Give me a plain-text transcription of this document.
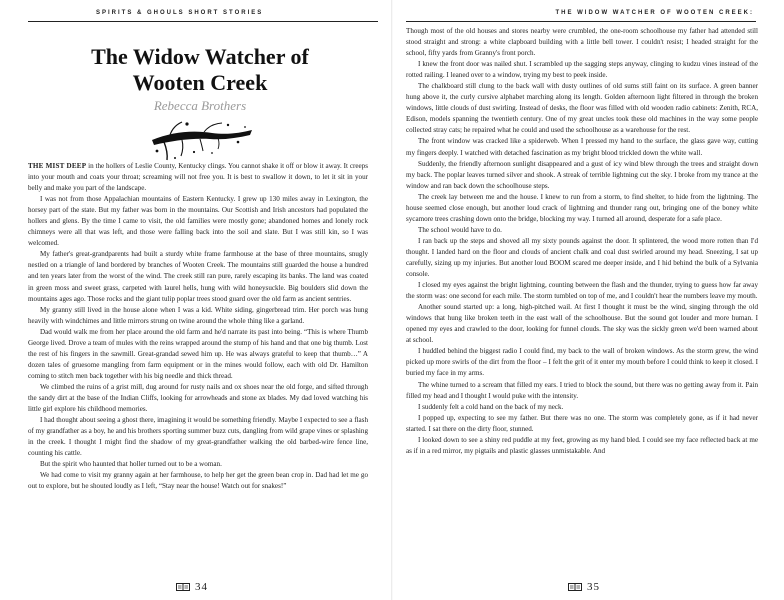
SPIRITS & GHOULS SHORT STORIES
The Widow Watcher of
Wooten Creek
Rebecca Brothers

THE MIST DEEP in the hollers of Leslie County, Kentucky clings. You cannot shake it off or blow it away. It creeps into your mouth and coats your throat; screaming will not free you. It is best to swallow it down, to let it sit in your belly and make you part of the landscape.

I was not from those Appalachian mountains of Eastern Kentucky. I grew up 130 miles away in Lexington, the horsey part of the state. But my father was born in the mountains. Our Scottish and Irish ancestors had populated the hollers and glens. By the time I came to visit, the old families were mostly gone; abandoned homes and lonely rock chimneys were all that was left, and those were falling back into the soil and slate. But I was still kin, so I was welcomed.

My father's great-grandparents had built a sturdy white frame farmhouse at the base of three mountains, snugly nestled on a triangle of land bordered by branches of Wooten Creek. The mountains still guarded the house a hundred and ten years later from the worst of the wind. The creek still ran pure, rarely escaping its banks. The land was coated in green moss and sweet grass, carpeted with laurel hells, hung with wild honeysuckle. Big boulders slid down the mountains ages ago. Those rocks and the giant tulip poplar trees stood guard over the old farm as ancient sentries.

My granny still lived in the house alone when I was a kid. White siding, gingerbread trim. Her porch was hung heavily with windchimes and little mirrors strung on twine around the whole thing like a garland.

Dad would walk me from her place around the old farm and he'd narrate its past into being. “This is where Thumb George lived. Drove a team of mules with the reins wrapped around the stump of his hand and that one big thumb. Lost the rest of his fingers in the sawmill. Great-grandad sewed him up. He was always grateful to keep that thumb…” A dozen tales of gruesome mangling from farm equipment or in the mines would follow, each with old Dr. Hamilton coming to stitch men back together with his big needle and thick thread.

We climbed the ruins of a grist mill, dug around for rusty nails and ox shoes near the old forge, and sifted through the sandy dirt at the base of the Indian Cliffs, looking for arrowheads and stone ax blades. My dad loved watching his little girl explore his childhood memories.

I had thought about seeing a ghost there, imagining it would be something friendly. Maybe I expected to see a flash of my grandfather as a boy, he and his brothers sporting summer buzz cuts, dangling from wild grape vines or splashing in the creek. I thought I might find the shadow of my great-grandfather walking the old barbed-wire fence line, counting his cattle.

But the spirit who haunted that holler turned out to be a woman.

We had come to visit my granny again at her farmhouse, to help her get the green bean crop in. Dad had let me go out to explore, but he shouted loudly as I left, “Stay near the house! Watch out for snakes!”

34
THE WIDOW WATCHER OF WOOTEN CREEK:

Though most of the old houses and stores nearby were crumbled, the one-room schoolhouse my father had attended still stood straight and strong: a white clapboard building with a little bell tower. I couldn't resist; I headed straight for the school, fifty yards from Granny's front porch.

I knew the front door was nailed shut. I scrambled up the sagging steps anyway, clinging to kudzu vines instead of the rotted railing. I leaned over to a window, trying my best to peek inside.

The chalkboard still clung to the back wall with dusty outlines of old sums still faint on its surface. A green banner hung above it, the curly cursive alphabet marching along its length. Golden afternoon light filtered in through the broken windows, little clouds of dust swirling. Instead of desks, the floor was filled with old wooden radio cabinets: Zenith, RCA, Edison, models spanning the twentieth century. One of my great uncles took these old machines in the way some people collected stray cats; he repaired what he could and used the schoolhouse as a warehouse for the rest.

The front window was cracked like a spiderweb. When I pressed my hand to the surface, the glass gave way, cutting my fingers deeply. I watched with detached fascination as my bright blood trickled down the white wall.

Suddenly, the friendly afternoon sunlight disappeared and a gust of icy wind blew through the trees and straight down my back. The poplar leaves turned silver and shook. A streak of terrible lightning cut the sky. I broke from my trance at the window and ran back down the schoolhouse steps.

The creek lay between me and the house. I knew to run from a storm, to find shelter, to hide from the lightning. The house seemed close enough, but another loud crack of lightning and thunder rang out, bringing one of the boney white sycamore trees crashing down onto the bridge, blocking my way. I turned all around, desperate for a safe place.

The school would have to do.

I ran back up the steps and shoved all my sixty pounds against the door. It splintered, the wood more rotten than I'd thought. I landed hard on the floor and clouds of ancient chalk and coal dust swirled around my head. Sneezing, I sat up carefully, sizing up my injuries. But another loud BOOM scared me deeper inside, and I hid behind the bulk of a Sylvania console.

I closed my eyes against the bright lightning, counting between the flash and the thunder, trying to guess how far away the storm was: one second for each mile. The storm tumbled on top of me, and I couldn't hear the numbers leave my mouth.

Another sound started up: a long, high-pitched wail. At first I thought it must be the wind, singing through the old windows that hung like broken teeth in the east wall of the schoolhouse. But the sound got louder and more human. I opened my eyes and crawled to the door, looking for funnel clouds. The sky was the sickly green we'd been warned about at school.

I huddled behind the biggest radio I could find, my back to the wall of broken windows. As the storm grew, the wind picked up more swirls of the dirt from the floor – I felt the grit of it enter my mouth before I could think to keep it closed. I buried my face in my arms.

The whine turned to a scream that filled my ears. I tried to block the sound, but there was no getting away from it. Pain filled my head and I thought I would puke with the intensity.

I suddenly felt a cold hand on the back of my neck.

I popped up, expecting to see my father. But there was no one. The storm was completely gone, as if it had never started. I sat there on the dirty floor, stunned.

I looked down to see a shiny red puddle at my feet, growing as my hand bled. I could see my face reflected back at me as if in a red mirror, my pigtails and plastic glasses unmistakable. And

35
